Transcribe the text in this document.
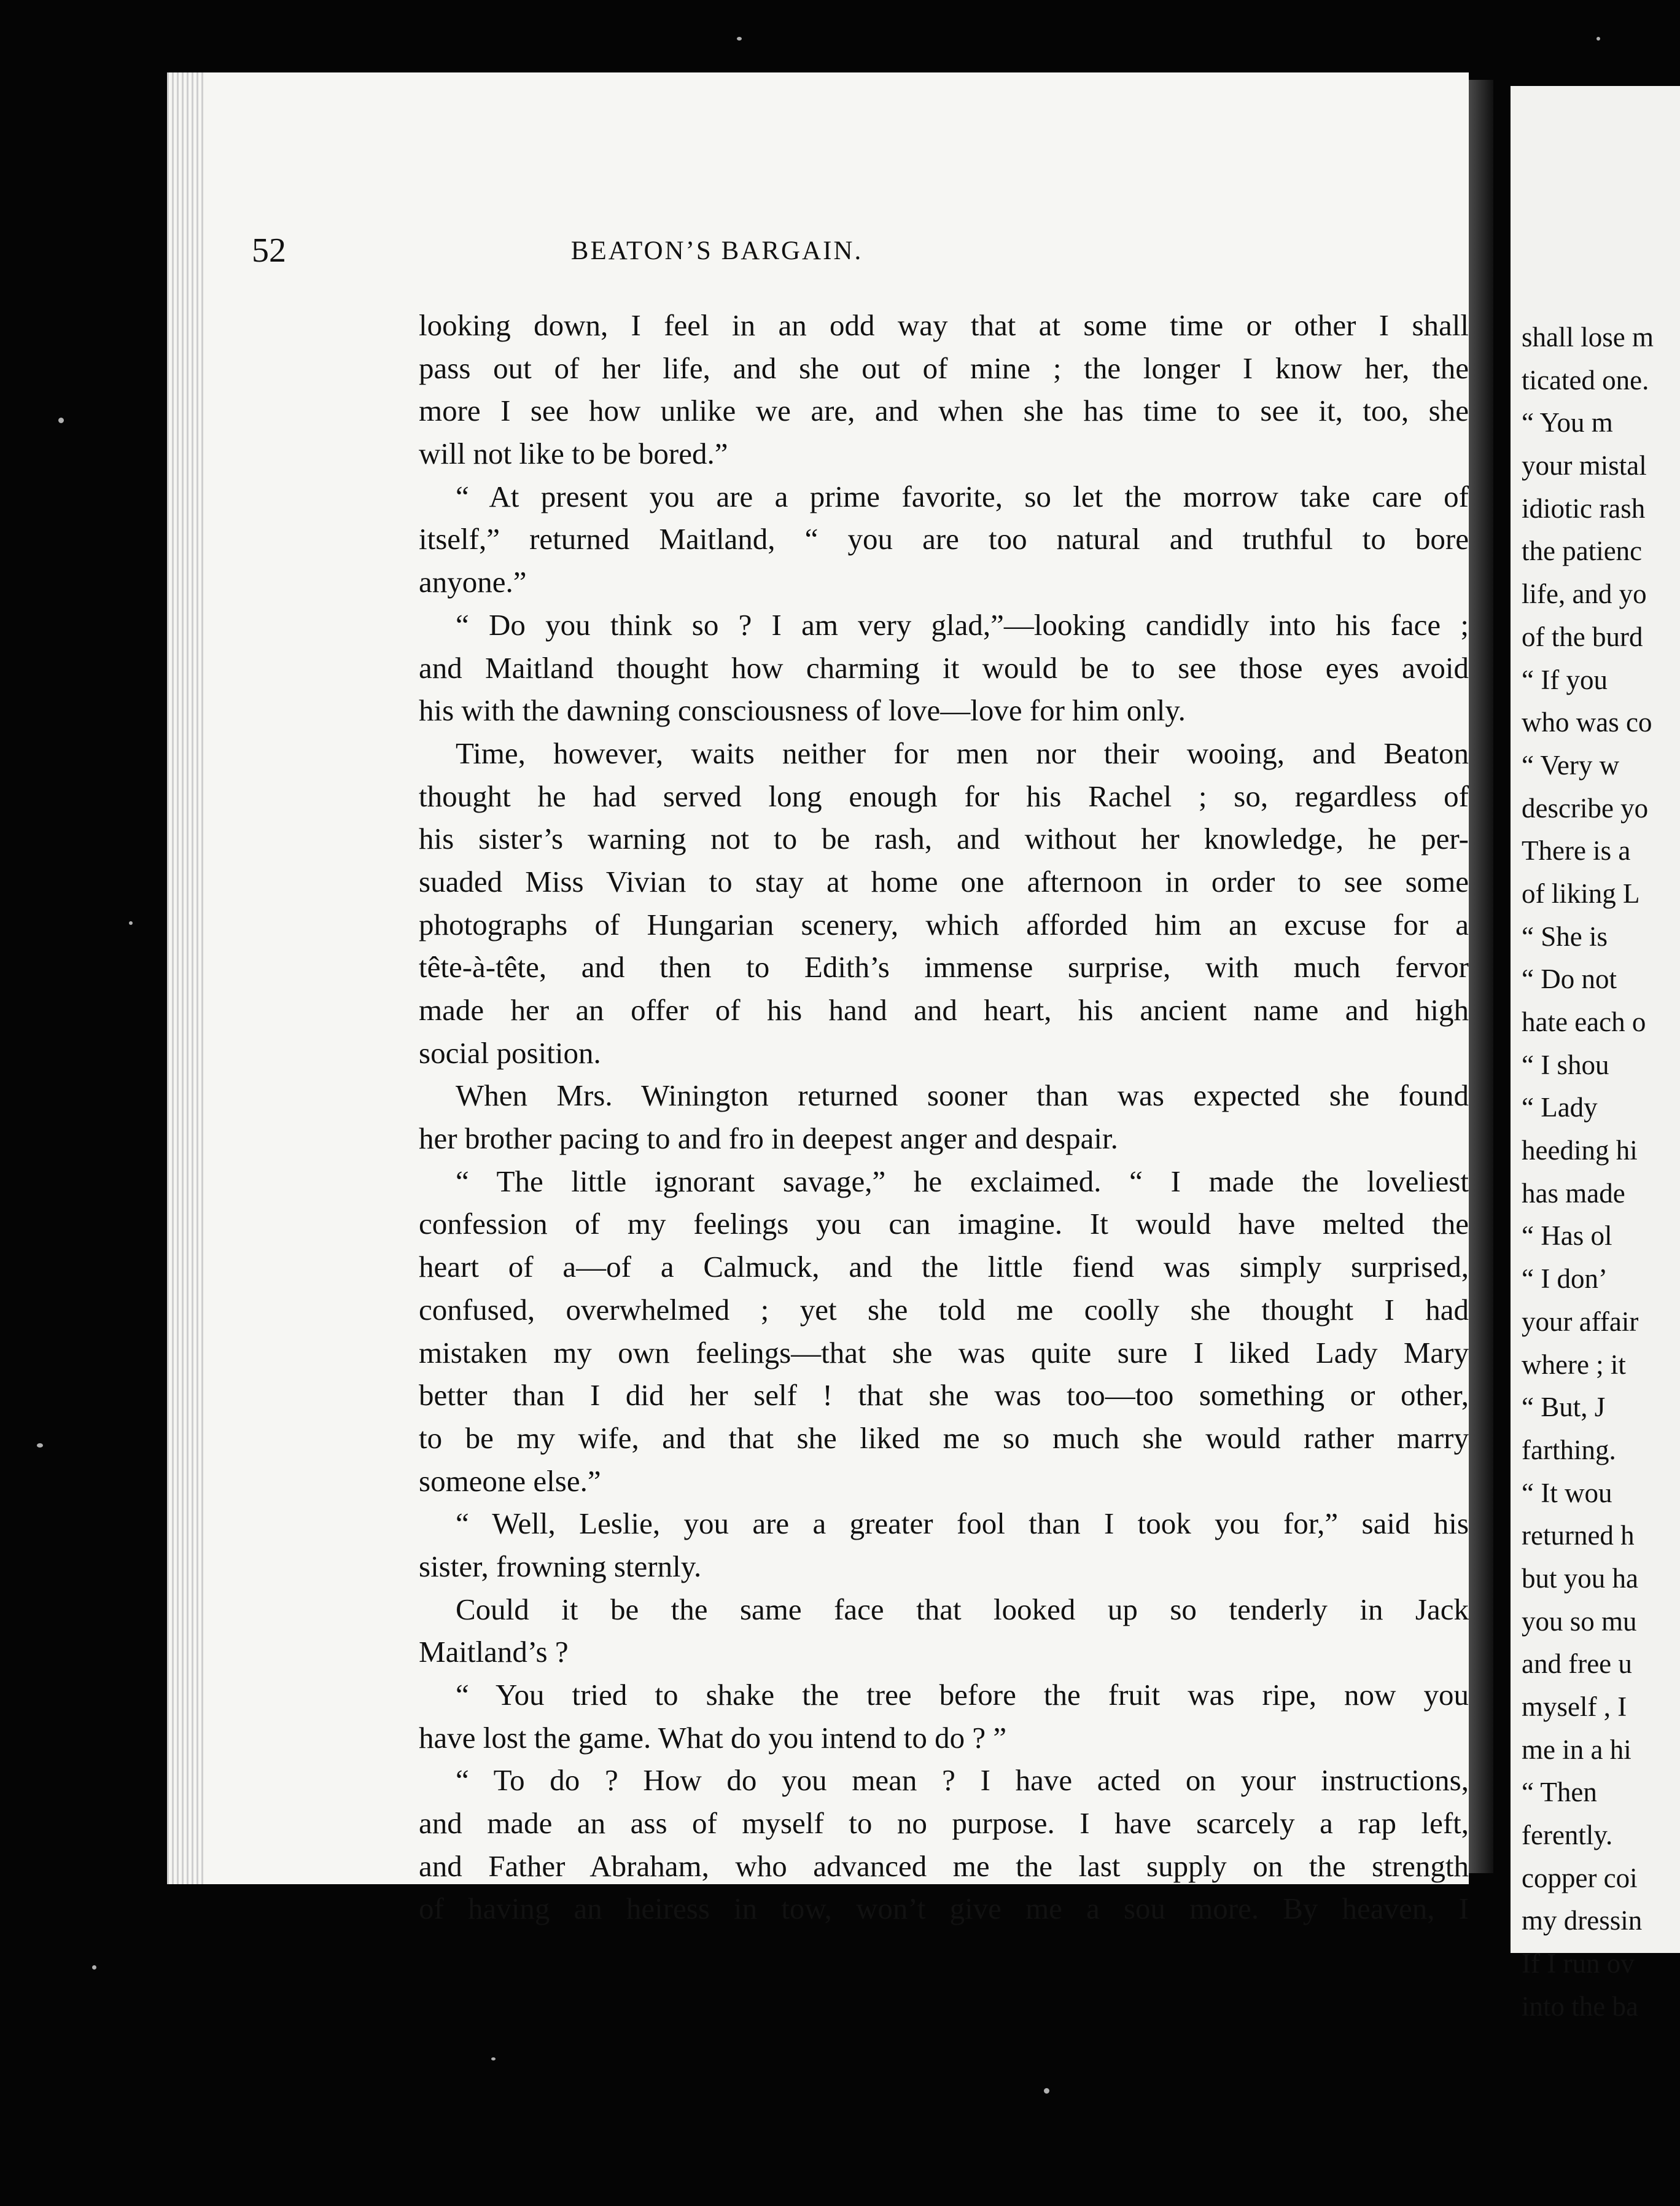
52	BEATON’S BARGAIN.
looking down, I feel in an odd way that at some time or other I shall
pass out of her life, and she out of mine ; the longer I know her, the
more I see how unlike we are, and when she has time to see it, too, she
will not like to be bored.”
“ At present you are a prime favorite, so let the morrow take care of
itself,” returned Maitland, “ you are too natural and truthful to bore
anyone.”
“ Do you think so ? I am very glad,”—looking candidly into his face ;
and Maitland thought how charming it would be to see those eyes avoid
his with the dawning consciousness of love—love for him only.
Time, however, waits neither for men nor their wooing, and Beaton
thought he had served long enough for his Rachel ; so, regardless of
his sister’s warning not to be rash, and without her knowledge, he per-
suaded Miss Vivian to stay at home one afternoon in order to see some
photographs of Hungarian scenery, which afforded him an excuse for a
tête-à-tête, and then to Edith’s immense surprise, with much fervor
made her an offer of his hand and heart, his ancient name and high
social position.
When Mrs. Winington returned sooner than was expected she found
her brother pacing to and fro in deepest anger and despair.
“ The little ignorant savage,” he exclaimed. “ I made the loveliest
confession of my feelings you can imagine. It would have melted the
heart of a—of a Calmuck, and the little fiend was simply surprised,
confused, overwhelmed ; yet she told me coolly she thought I had
mistaken my own feelings—that she was quite sure I liked Lady Mary
better than I did her self ! that she was too—too something or other,
to be my wife, and that she liked me so much she would rather marry
someone else.”
“ Well, Leslie, you are a greater fool than I took you for,” said his
sister, frowning sternly.
Could it be the same face that looked up so tenderly in Jack
Maitland’s ?
“ You tried to shake the tree before the fruit was ripe, now you
have lost the game. What do you intend to do ? ”
“ To do ? How do you mean ? I have acted on your instructions,
and made an ass of myself to no purpose. I have scarcely a rap left,
and Father Abraham, who advanced me the last supply on the strength
of having an heiress in tow, won’t give me a sou more. By heaven, I
shall lose m
ticated one.
“ You m
your mistal
idiotic rash
the patienc
life, and yo
of the burd
“ If you
who was co
“ Very w
describe yo
There is a
of liking L
“ She is
“ Do not
hate each o
“ I shou
“ Lady
heeding hi
has made
“ Has ol
“ I don’
your affair
where ; it
“ But, J
farthing.
“ It wou
returned h
but you ha
you so mu
and free u
myself , I
me in a hi
“ Then
ferently.
copper coi
my dressin
If I run ov
into the ba
